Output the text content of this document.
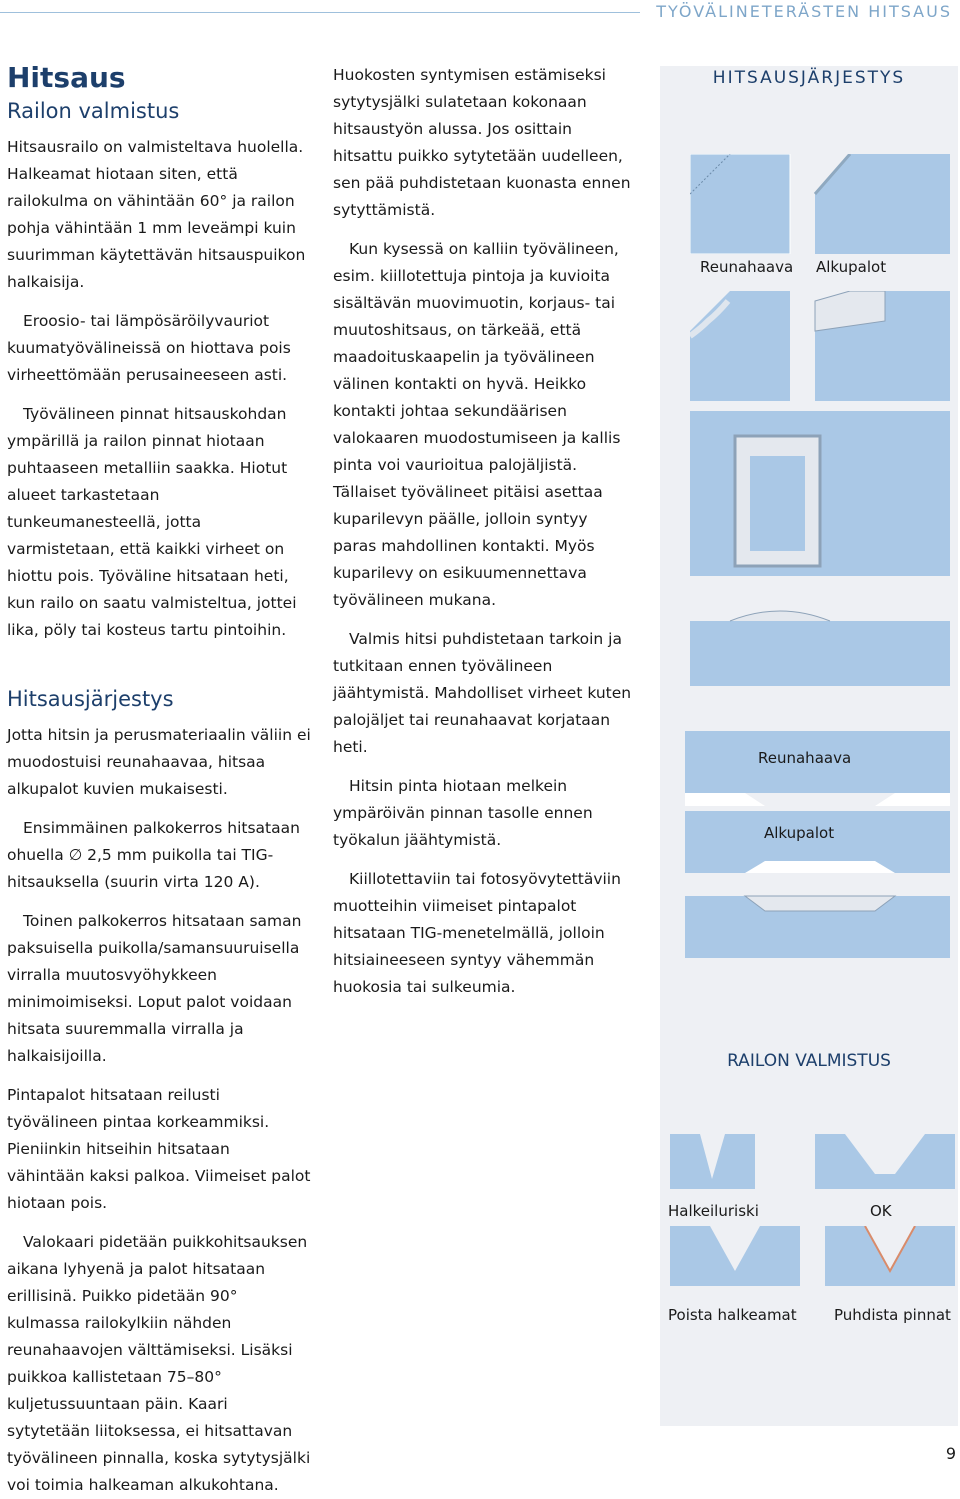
TYÖVÄLINETERÄSTEN HITSAUS
Hitsaus
Railon valmistus

Hitsausrailo on valmisteltava huolella. Halkeamat hiotaan siten, että railokulma on vähintään 60° ja railon pohja vähintään 1 mm leveämpi kuin suurimman käytettävän hitsauspuikon halkaisija.

Eroosio- tai lämpösäröilyvauriot kuumatyövälineissä on hiottava pois virheettömään perusaineeseen asti.

Työvälineen pinnat hitsauskohdan ympärillä ja railon pinnat hiotaan puhtaaseen metalliin saakka. Hiotut alueet tarkastetaan tunkeumanesteellä, jotta varmistetaan, että kaikki virheet on hiottu pois. Työväline hitsataan heti, kun railo on saatu valmisteltua, jottei lika, pöly tai kosteus tartu pintoihin.

Hitsausjärjestys

Jotta hitsin ja perusmateriaalin väliin ei muodostuisi reunahaavaa, hitsaa alkupalot kuvien mukaisesti.

Ensimmäinen palkokerros hitsataan ohuella ∅ 2,5 mm puikolla tai TIG-hitsauksella (suurin virta 120 A).

Toinen palkokerros hitsataan saman paksuisella puikolla/samansuuruisella virralla muutosvyöhykkeen minimoimiseksi. Loput palot voidaan hitsata suuremmalla virralla ja halkaisijoilla.

Pintapalot hitsataan reilusti työvälineen pintaa korkeammiksi. Pieniinkin hitseihin hitsataan vähintään kaksi palkoa. Viimeiset palot hiotaan pois.

Valokaari pidetään puikkohitsauksen aikana lyhyenä ja palot hitsataan erillisinä. Puikko pidetään 90° kulmassa railokylkiin nähden reunahaavojen välttämiseksi. Lisäksi puikkoa kallistetaan 75–80° kuljetussuuntaan päin. Kaari sytytetään liitoksessa, ei hitsattavan työvälineen pinnalla, koska sytytysjälki voi toimia halkeaman alkukohtana.

Huokosten syntymisen estämiseksi sytytysjälki sulatetaan kokonaan hitsaustyön alussa. Jos osittain hitsattu puikko sytytetään uudelleen, sen pää puhdistetaan kuonasta ennen sytyttämistä.

Kun kysessä on kalliin työvälineen, esim. kiillotettuja pintoja ja kuvioita sisältävän muovimuotin, korjaus- tai muutoshitsaus, on tärkeää, että maadoituskaapelin ja työvälineen välinen kontakti on hyvä. Heikko kontakti johtaa sekundäärisen valokaaren muodostumiseen ja kallis pinta voi vaurioitua palojäljistä. Tällaiset työvälineet pitäisi asettaa kuparilevyn päälle, jolloin syntyy paras mahdollinen kontakti. Myös kuparilevy on esikuumennettava työvälineen mukana.

Valmis hitsi puhdistetaan tarkoin ja tutkitaan ennen työvälineen jäähtymistä. Mahdolliset virheet kuten palojäljet tai reunahaavat korjataan heti.

Hitsin pinta hiotaan melkein ympäröivän pinnan tasolle ennen työkalun jäähtymistä.

Kiillotettaviin tai fotosyövytettäviin muotteihin viimeiset pintapalot hitsataan TIG-menetelmällä, jolloin hitsiaineeseen syntyy vähemmän huokosia tai sulkeumia.

HITSAUSJÄRJESTYS
Reunahaava Alkupalot
Reunahaava
Alkupalot
RAILON VALMISTUS
Halkeiluriski	OK
Poista halkeamat Puhdista pinnat
9
